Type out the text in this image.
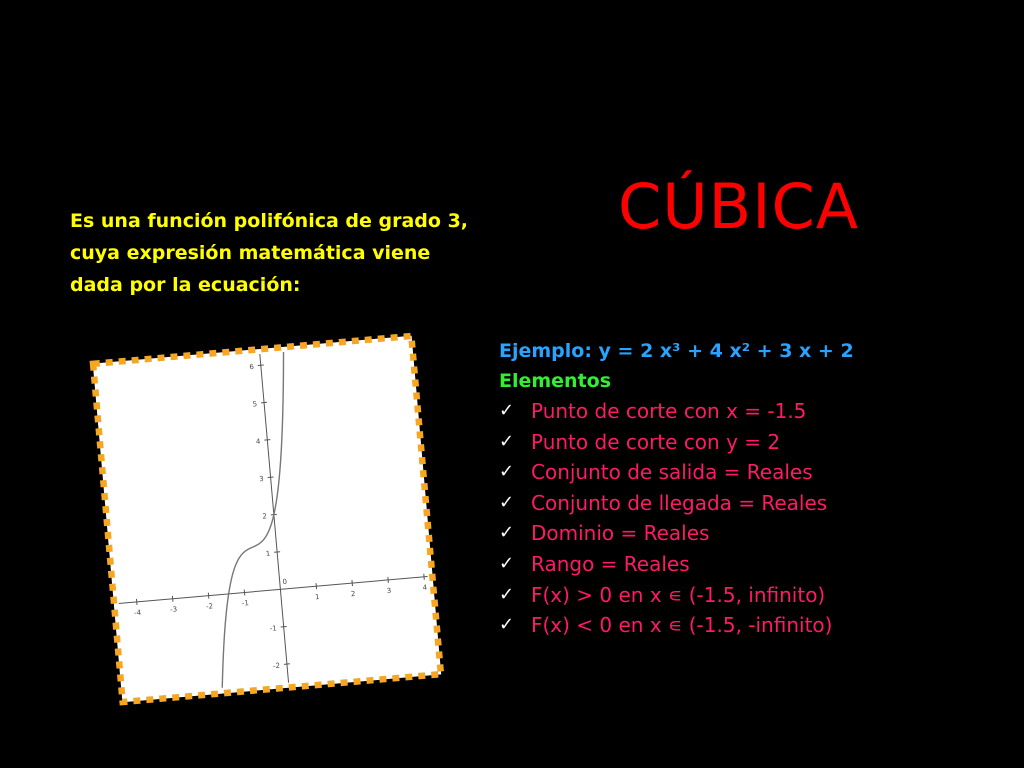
CÚBICA

Es una función polifónica de grado 3,
cuya expresión matemática viene
dada por la ecuación:

Ejemplo: y = 2 x³ + 4 x² + 3 x + 2
Elementos
✓ Punto de corte con x = -1.5
✓ Punto de corte con y = 2
✓ Conjunto de salida = Reales
✓ Conjunto de llegada = Reales
✓ Dominio = Reales
✓ Rango = Reales
✓ F(x) > 0 en x ∊ (-1.5, infinito)
✓ F(x) < 0 en x ∊ (-1.5, -infinito)
-4	-3	-2	-1
0
1	2	3	4
-2
-1
1
2
3
4
5
6
